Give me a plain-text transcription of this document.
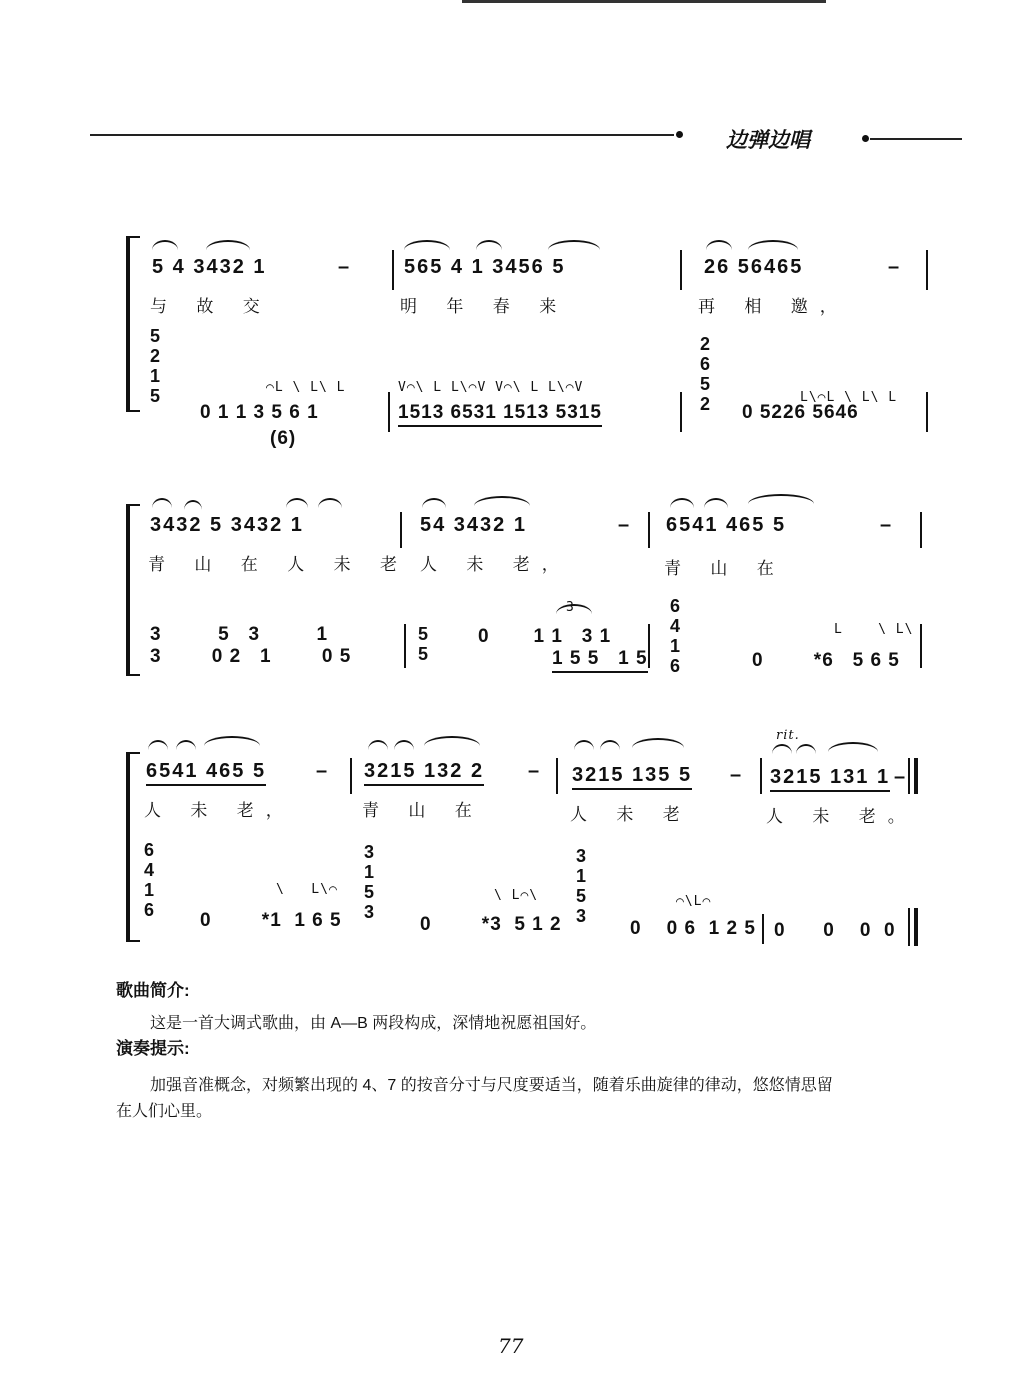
边弹边唱
5 4 3432 1	–	565 4 1 3456 5	26 56465	–
与 故 交	明 年 春 来	再 相 邀，
⌒L \ L\ L	V⌒\ L L\⌒V V⌒\ L L\⌒V
L\⌒L \ L\ L
5
2
1
5
0 1 1 3 5 6 1
(6)
1513 6531 1513 5315
2
6
5
2 0 5226 5646
3432 5 3432 1	54 3432 1	– 6541 465 5	–
青 山 在 人 未 老 人 未 老，	青 山 在
3         5   3         1
3        0 2   1        0 5
5
5
3
0       1 1   3 1
1 5 5   1 5
6
4
1
6	0        *6   5 6 5
L    \ L\
rit.
6541 465 5 – 3215 132 2 – 3215 135 5 – 3215 131 1 –
人 未 老，	青 山 在	人 未 老	人 未 老。
6
4
1
6 0        *1  1 6 5
\   L\⌒
3
1
5
3
0        *3  5 1 2
\ L⌒\
3
1
5
3
0    0 6  1 2 5
⌒\L⌒
0      0    0  0
歌曲简介:
这是一首大调式歌曲，由 A—B 两段构成，深情地祝愿祖国好。
演奏提示:
加强音准概念，对频繁出现的 4、7 的按音分寸与尺度要适当，随着乐曲旋律的律动，悠悠情思留
在人们心里。
77
